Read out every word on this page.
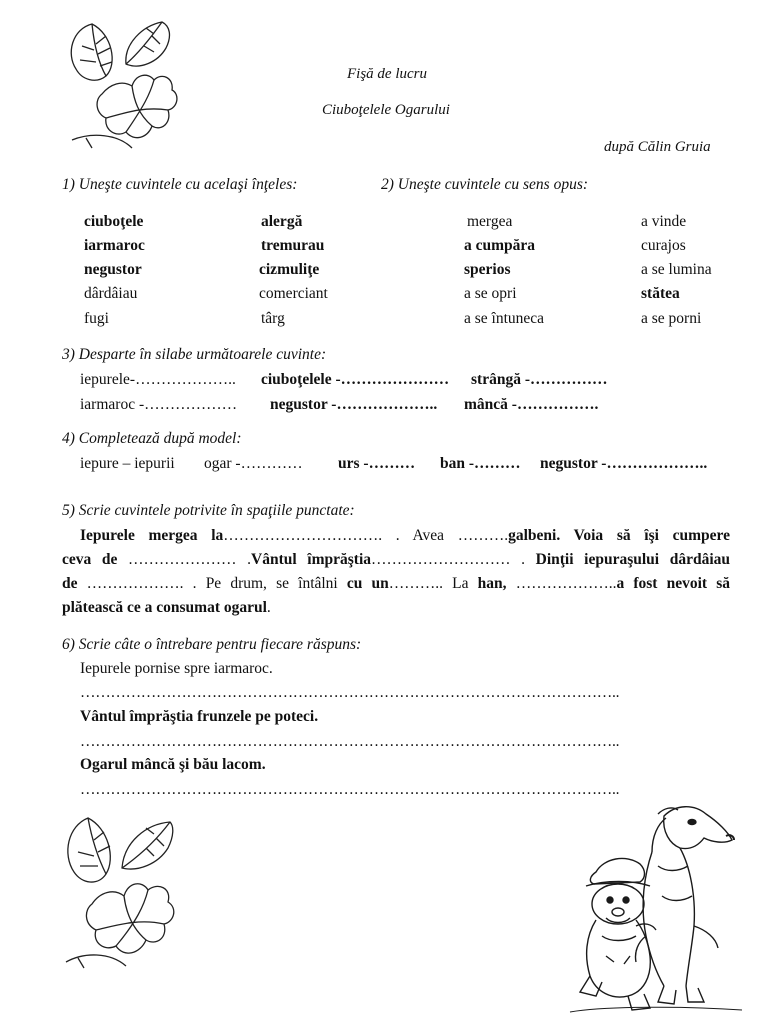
Fişă de lucru
Ciuboţelele Ogarului
după Călin Gruia
1) Uneşte cuvintele cu acelaşi înţeles:	2) Uneşte cuvintele cu sens opus:
ciuboţele
iarmaroc
negustor
dârdâiau
fugi
alergă
tremurau
cizmuliţe
comerciant
târg
mergea
a cumpăra
sperios
a se opri
a se întuneca
a vinde
curajos
a se lumina
stătea
a se porni
3) Desparte în silabe următoarele cuvinte:
iepurele-……………….. ciuboţelele -………………… strângă -……………
iarmaroc -……………… negustor -……………….. mâncă -…………….
4) Completează după model:
iepure – iepurii ogar -………… urs -……… ban -……… negustor -………………..
5) Scrie cuvintele potrivite în spaţiile punctate:
Iepurele mergea la…………………………. . Avea ……….galbeni. Voia să îşi cumpere
ceva de ………………… .Vântul împrăştia……………………… . Dinţii iepuraşului dârdâiau
de ………………. . Pe drum, se întâlni cu un……….. La han, ………………..a fost nevoit să
plătească ce a consumat ogarul.
6) Scrie câte o întrebare pentru fiecare răspuns:
Iepurele pornise spre iarmaroc.
……………………………………………………………………………………………..
Vântul împrăştia frunzele pe poteci.
……………………………………………………………………………………………..
Ogarul mâncă şi bău lacom.
……………………………………………………………………………………………..
